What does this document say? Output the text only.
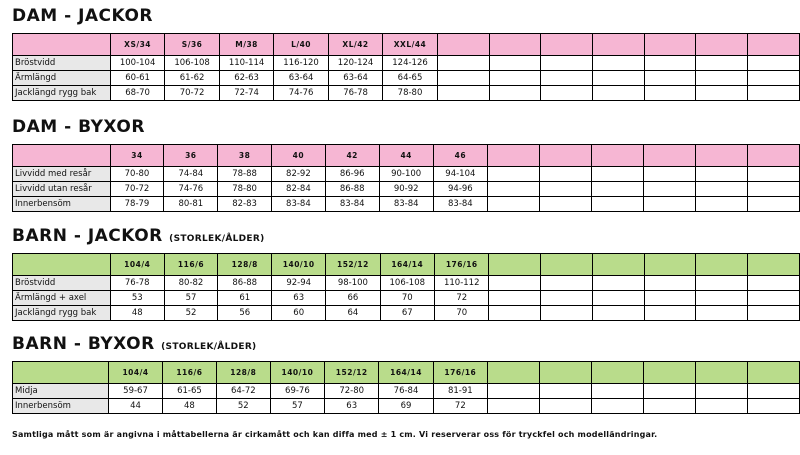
DAM - JACKOR
	XS/34	S/36	M/38	L/40	XL/42	XXL/44							
Bröstvidd	100-104	106-108	110-114	116-120	120-124	124-126							
Ärmlängd	60-61	61-62	62-63	63-64	63-64	64-65							
Jacklängd rygg bak	68-70	70-72	72-74	74-76	76-78	78-80							
DAM - BYXOR
	34	36	38	40	42	44	46						
Livvidd med resår	70-80	74-84	78-88	82-92	86-96	90-100	94-104						
Livvidd utan resår	70-72	74-76	78-80	82-84	86-88	90-92	94-96						
Innerbensöm	78-79	80-81	82-83	83-84	83-84	83-84	83-84						
BARN - JACKOR (STORLEK/ÅLDER)
	104/4	116/6	128/8	140/10	152/12	164/14	176/16						
Bröstvidd	76-78	80-82	86-88	92-94	98-100	106-108	110-112						
Ärmlängd + axel	53	57	61	63	66	70	72						
Jacklängd rygg bak	48	52	56	60	64	67	70						
BARN - BYXOR (STORLEK/ÅLDER)
	104/4	116/6	128/8	140/10	152/12	164/14	176/16						
Midja	59-67	61-65	64-72	69-76	72-80	76-84	81-91						
Innerbensöm	44	48	52	57	63	69	72						
Samtliga mått som är angivna i måttabellerna är cirkamått och kan diffa med ± 1 cm. Vi reserverar oss för tryckfel och modelländringar.
